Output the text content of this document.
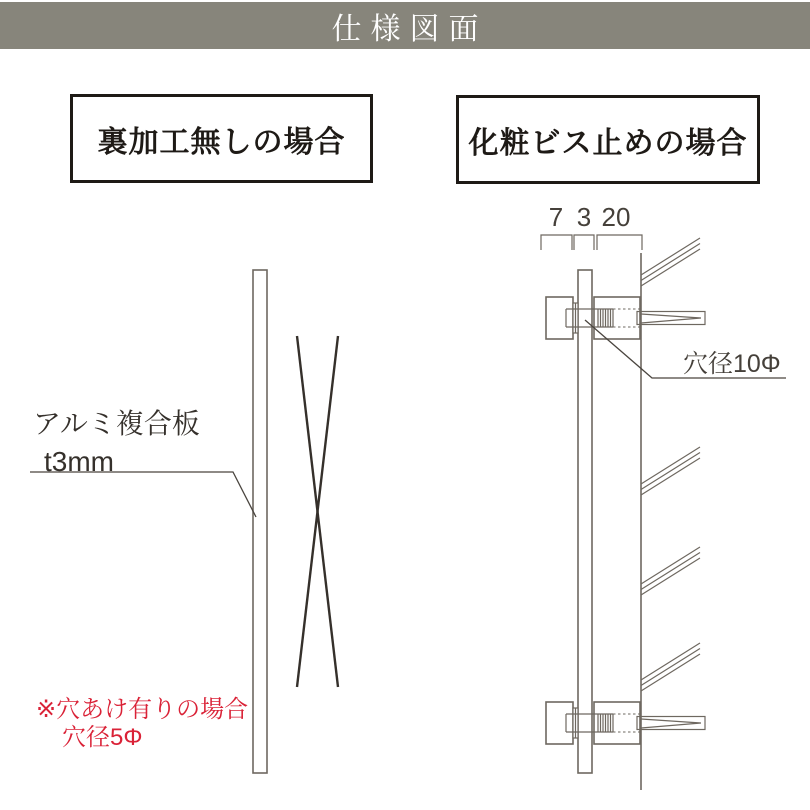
仕様図面
裏加工無しの場合	化粧ビス止めの場合
アルミ複合板
t3mm
※穴あけ有りの場合
穴径5Φ
7 3 20
穴径10Φ
